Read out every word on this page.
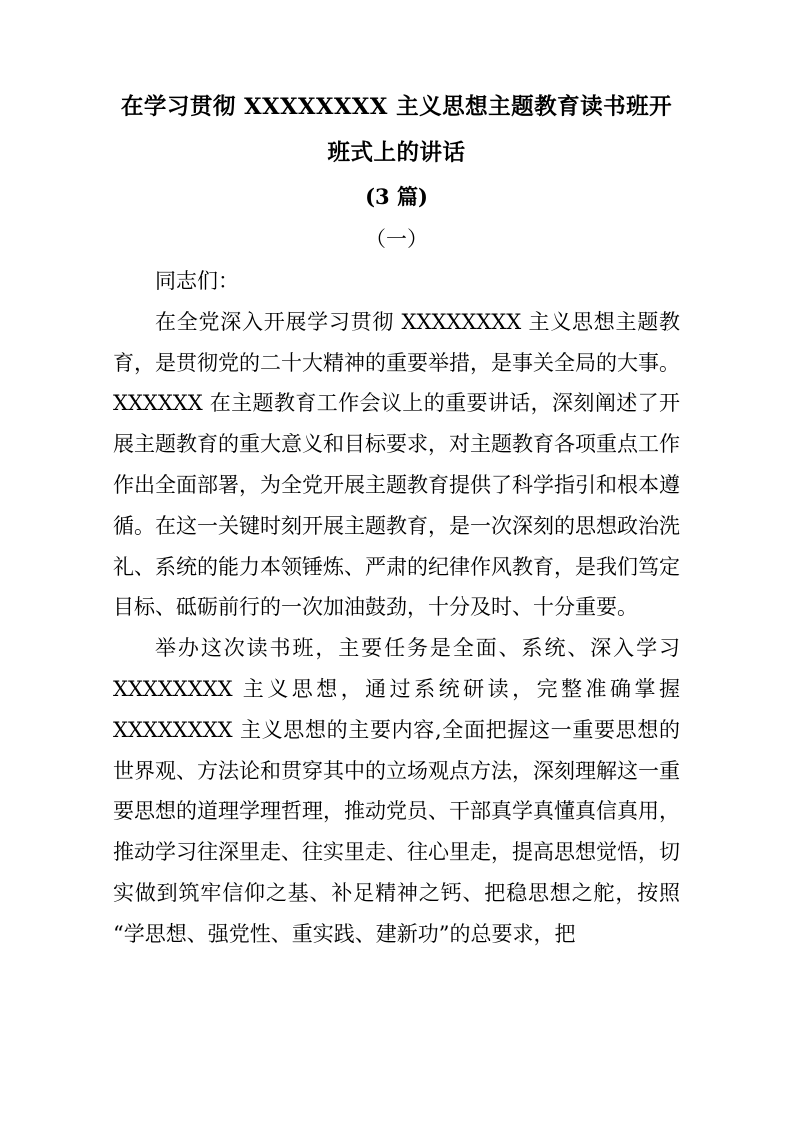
在学习贯彻 XXXXXXXX 主义思想主题教育读书班开班式上的讲话
(3 篇)
（一）

同志们：

在全党深入开展学习贯彻 XXXXXXXX 主义思想主题教育，是贯彻党的二十大精神的重要举措，是事关全局的大事。XXXXXX 在主题教育工作会议上的重要讲话，深刻阐述了开展主题教育的重大意义和目标要求，对主题教育各项重点工作作出全面部署，为全党开展主题教育提供了科学指引和根本遵循。在这一关键时刻开展主题教育，是一次深刻的思想政治洗礼、系统的能力本领锤炼、严肃的纪律作风教育，是我们笃定目标、砥砺前行的一次加油鼓劲，十分及时、十分重要。

举办这次读书班，主要任务是全面、系统、深入学习 XXXXXXXX 主义思想，通过系统研读，完整准确掌握 XXXXXXXX 主义思想的主要内容,全面把握这一重要思想的世界观、方法论和贯穿其中的立场观点方法，深刻理解这一重要思想的道理学理哲理，推动党员、干部真学真懂真信真用，推动学习往深里走、往实里走、往心里走，提高思想觉悟，切实做到筑牢信仰之基、补足精神之钙、把稳思想之舵，按照“学思想、强党性、重实践、建新功”的总要求，把
